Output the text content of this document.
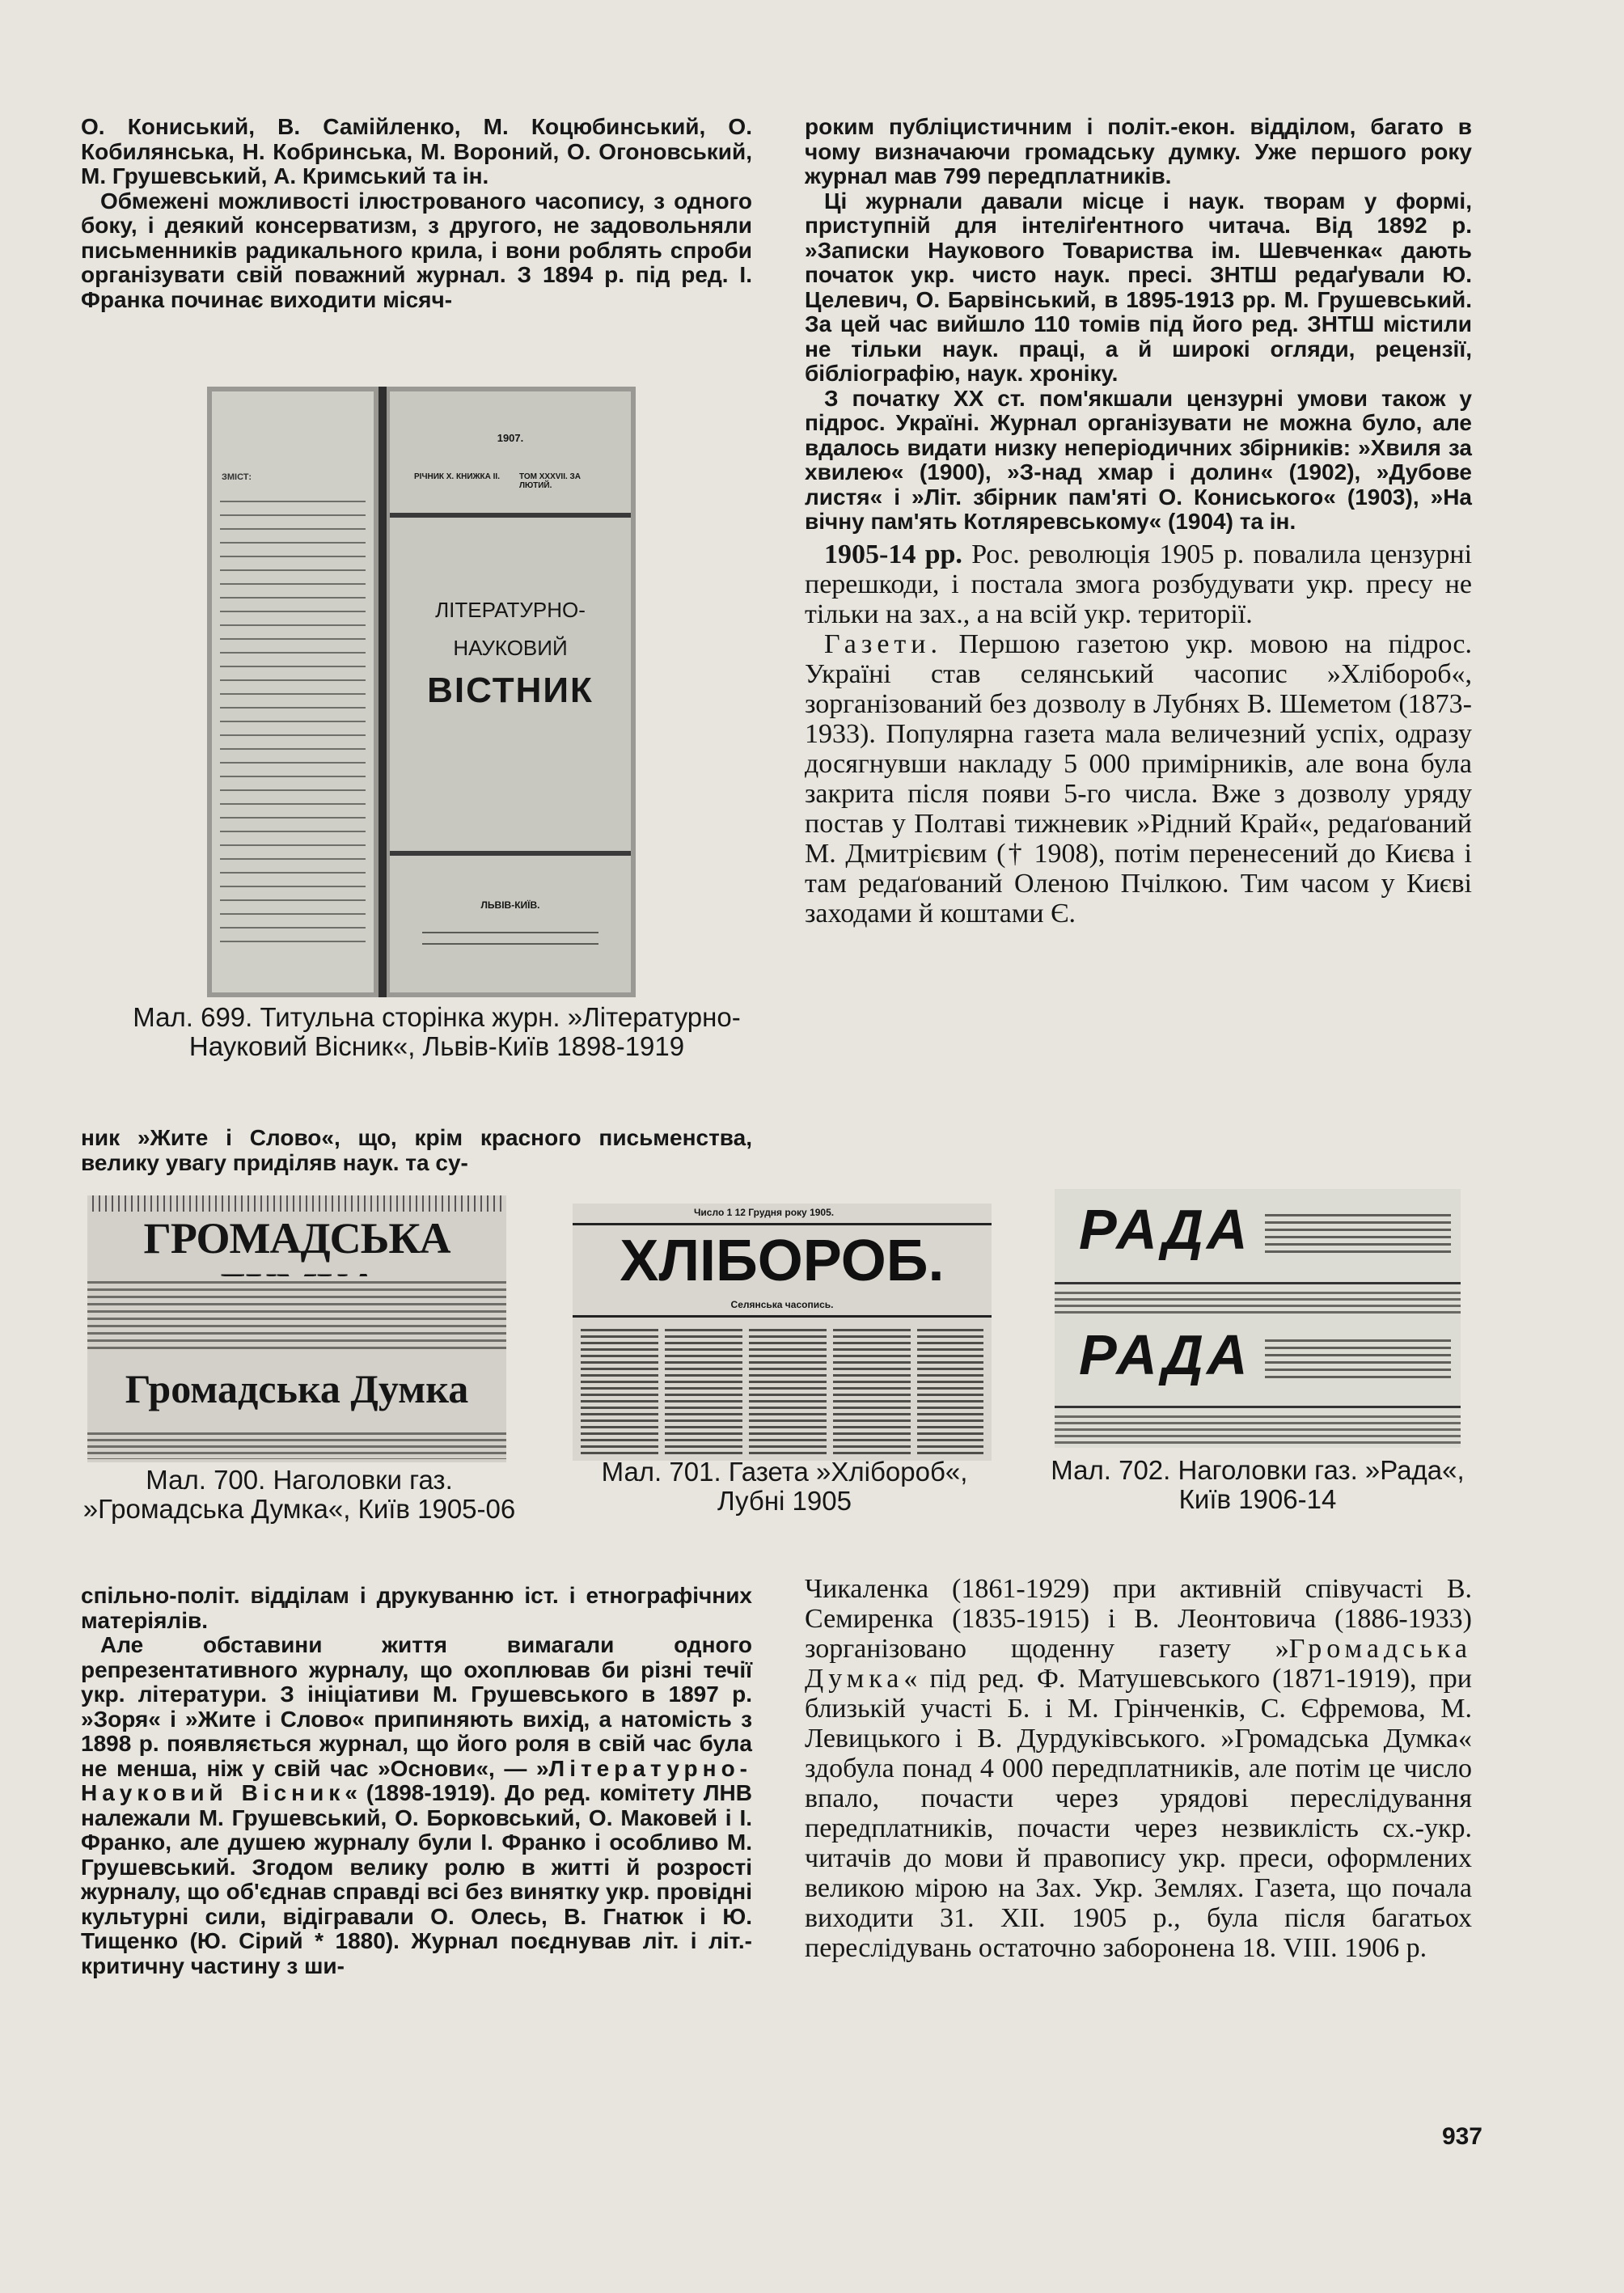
О. Кониський, В. Самійленко, М. Коцюбинський, О. Кобилянська, Н. Кобринська, М. Вороний, О. Огоновський, М. Грушевський, А. Кримський та ін.

Обмежені можливості ілюстрованого часопису, з одного боку, і деякий консерватизм, з другого, не задовольняли письменників радикального крила, і вони роблять спроби організувати свій поважний журнал. З 1894 р. під ред. І. Франка починає виходити місяч-

ЗМІСТ:
1907.
РІЧНИК X. КНИЖКА II.	ТОМ XXXVII. ЗА ЛЮТИЙ.
ЛІТЕРАТУРНО-
НАУКОВИЙ
ВІСТНИК
ЛЬВІВ-КИЇВ.
Мал. 699. Титульна сторінка журн. »Літературно-Науковий Вісник«, Львів-Київ 1898-1919

ник »Жите і Слово«, що, крім красного письменства, велику увагу приділяв наук. та су-

роким публіцистичним і політ.-екон. відділом, багато в чому визначаючи громадську думку. Уже першого року журнал мав 799 передплатників.

Ці журнали давали місце і наук. творам у формі, приступній для інтеліґентного читача. Від 1892 р. »Записки Наукового Товариства ім. Шевченка« дають початок укр. чисто наук. пресі. ЗНТШ редаґували Ю. Целевич, О. Барвінський, в 1895-1913 рр. М. Грушевський. За цей час вийшло 110 томів під його ред. ЗНТШ містили не тільки наук. праці, а й широкі огляди, рецензії, бібліографію, наук. хроніку.

З початку XX ст. пом'якшали цензурні умови також у підрос. Україні. Журнал організувати не можна було, але вдалось видати низку неперіодичних збірників: »Хвиля за хвилею« (1900), »З-над хмар і долин« (1902), »Дубове листя« і »Літ. збірник пам'яті О. Кониського« (1903), »На вічну пам'ять Котляревському« (1904) та ін.

1905-14 рр. Рос. революція 1905 р. повалила цензурні перешкоди, і постала змога розбудувати укр. пресу не тільки на зах., а на всій укр. території.

Газети. Першою газетою укр. мовою на підрос. Україні став селянський часопис »Хлібороб«, зорганізований без дозволу в Лубнях В. Шеметом (1873-1933). Популярна газета мала величезний успіх, одразу досягнувши накладу 5 000 примірників, але вона була закрита після появи 5-го числа. Вже з дозволу уряду постав у Полтаві тижневик »Рідний Край«, редаґований М. Дмитрієвим († 1908), потім перенесений до Києва і там редаґований Оленою Пчілкою. Тим часом у Києві заходами й коштами Є.

ГРОМАДСЬКА
Громадська Думка
Мал. 700. Наголовки газ. »Громадська Думка«, Київ 1905-06
Число 1 12 Грудня року 1905.
ХЛІБОРОБ.
Селянська часопись.
Мал. 701. Газета »Хлібороб«, Лубні 1905
РАДА
РАДА
Мал. 702. Наголовки газ. »Рада«, Київ 1906-14

спільно-політ. відділам і друкуванню іст. і етнографічних матеріялів.

Але обставини життя вимагали одного репрезентативного журналу, що охоплював би різні течії укр. літератури. З ініціативи М. Грушевського в 1897 р. »Зоря« і »Жите і Слово« припиняють вихід, а натомість з 1898 р. появляється журнал, що його роля в свій час була не менша, ніж у свій час »Основи«, — »Літературно-Науковий Вісник« (1898-1919). До ред. комітету ЛНВ належали М. Грушевський, О. Борковський, О. Маковей і І. Франко, але душею журналу були І. Франко і особливо М. Грушевський. Згодом велику ролю в житті й розрості журналу, що об'єднав справді всі без винятку укр. провідні культурні сили, відігравали О. Олесь, В. Гнатюк і Ю. Тищенко (Ю. Сірий * 1880). Журнал поєднував літ. і літ.-критичну частину з ши-

Чикаленка (1861-1929) при активній співучасті В. Семиренка (1835-1915) і В. Леонтовича (1886-1933) зорганізовано щоденну газету »Громадська Думка« під ред. Ф. Матушевського (1871-1919), при близькій участі Б. і М. Грінченків, С. Єфремова, М. Левицького і В. Дурдуківського. »Громадська Думка« здобула понад 4 000 передплатників, але потім це число впало, почасти через урядові переслідування передплатників, почасти через незвикліcть сх.-укр. читачів до мови й правопису укр. преси, оформлених великою мірою на Зах. Укр. Землях. Газета, що почала виходити 31. XII. 1905 р., була після багатьох переслідувань остаточно заборонена 18. VIII. 1906 р.

937
